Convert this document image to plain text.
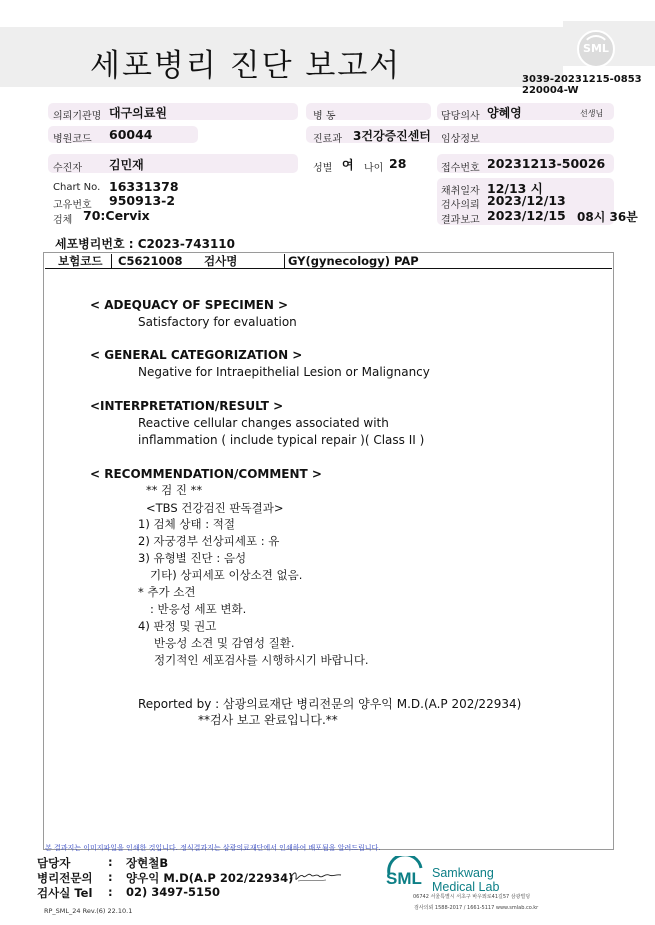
세포병리 진단 보고서	SML
3039-20231215-0853
220004-W
의뢰기관명 대구의료원	병 동	담당의사 양혜영	선생님
병원코드 60044	진료과 3건강증진센터 임상정보
수진자 김민재	성별 여 나이 28	접수번호 20231213-50026
Chart No. 16331378
고유번호 950913-2
검체 70:Cervix
채취일자 12/13 시
검사의뢰 2023/12/13
결과보고 2023/12/15 08시 36분
세포병리번호 : C2023-743110
보험코드 C5621008 검사명	GY(gynecology) PAP
< ADEQUACY OF SPECIMEN >
Satisfactory for evaluation
< GENERAL CATEGORIZATION >
Negative for Intraepithelial Lesion or Malignancy
<INTERPRETATION/RESULT >
Reactive cellular changes associated with
inflammation ( include typical repair )( Class II )
< RECOMMENDATION/COMMENT >
** 검 진 **
<TBS 건강검진 판독결과>
1) 검체 상태 : 적절
2) 자궁경부 선상피세포 : 유
3) 유형별 진단 : 음성
기타) 상피세포 이상소견 없음.
* 추가 소견
: 반응성 세포 변화.
4) 판정 및 권고
반응성 소견 및 감염성 질환.
정기적인 세포검사를 시행하시기 바랍니다.
Reported by : 삼광의료재단 병리전문의 양우익 M.D.(A.P 202/22934)
**검사 보고 완료입니다.**
본 결과지는 이미지파일을 인쇄한 것입니다. 정식결과지는 삼광의료재단에서 인쇄하여 배포됨을 알려드립니다.
담당자	: 장현철B
병리전문의 : 양우익 M.D(A.P 202/22934)
검사실 Tel : 02) 3497-5150
RP_SML_24 Rev.(6) 22.10.1
SML Samkwang
Medical Lab
06742 서울특별시 서초구 바우뫼로41길57 삼광빌딩
검사의뢰 1588-2017 / 1661-5117 www.smlab.co.kr
